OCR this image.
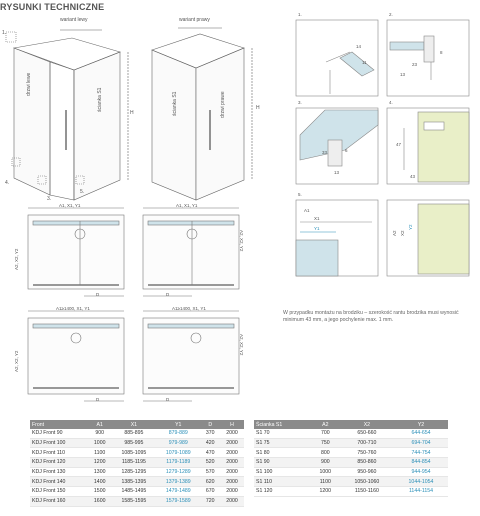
RYSUNKI TECHNICZNE
wariant lewy	wariant prawy
drzwi lewe
ścianka S1	ścianka S1	drzwi prawe
H
H
1.
4.
3.
5.
A1, X1, Y1	A1, X1, Y1
A1≥1400, X1, Y1	A1≥1400, X1, Y1
A2, X2, Y2
A2, X2, Y2
A2, X2, Y2
A2, X2, Y2
D	D
D	D
1.
14
11
2.
23
13
8
3.
33
13
6
4.
47
43
5.
A1
X1
Y1
A2 X2
Y2
W przypadku montażu na brodziku – szerokość rantu brodzika musi wynosić minimum 43 mm, a jego pochylenie max. 1 mm.
Front	A1	X1	Y1	D	H
KDJ Front 90	900	885-895	879-889	370	2000
KDJ Front 100	1000	985-995	979-989	420	2000
KDJ Front 110	1100	1085-1095	1079-1089	470	2000
KDJ Front 120	1200	1185-1195	1179-1189	520	2000
KDJ Front 130	1300	1285-1295	1279-1289	570	2000
KDJ Front 140	1400	1385-1395	1379-1389	620	2000
KDJ Front 150	1500	1485-1495	1479-1489	670	2000
KDJ Front 160	1600	1585-1595	1579-1589	720	2000
Ścianka S1	A2	X2	Y2
S1 70	700	650-660	644-654
S1 75	750	700-710	694-704
S1 80	800	750-760	744-754
S1 90	900	850-860	844-854
S1 100	1000	950-960	944-954
S1 110	1100	1050-1060	1044-1054
S1 120	1200	1150-1160	1144-1154
